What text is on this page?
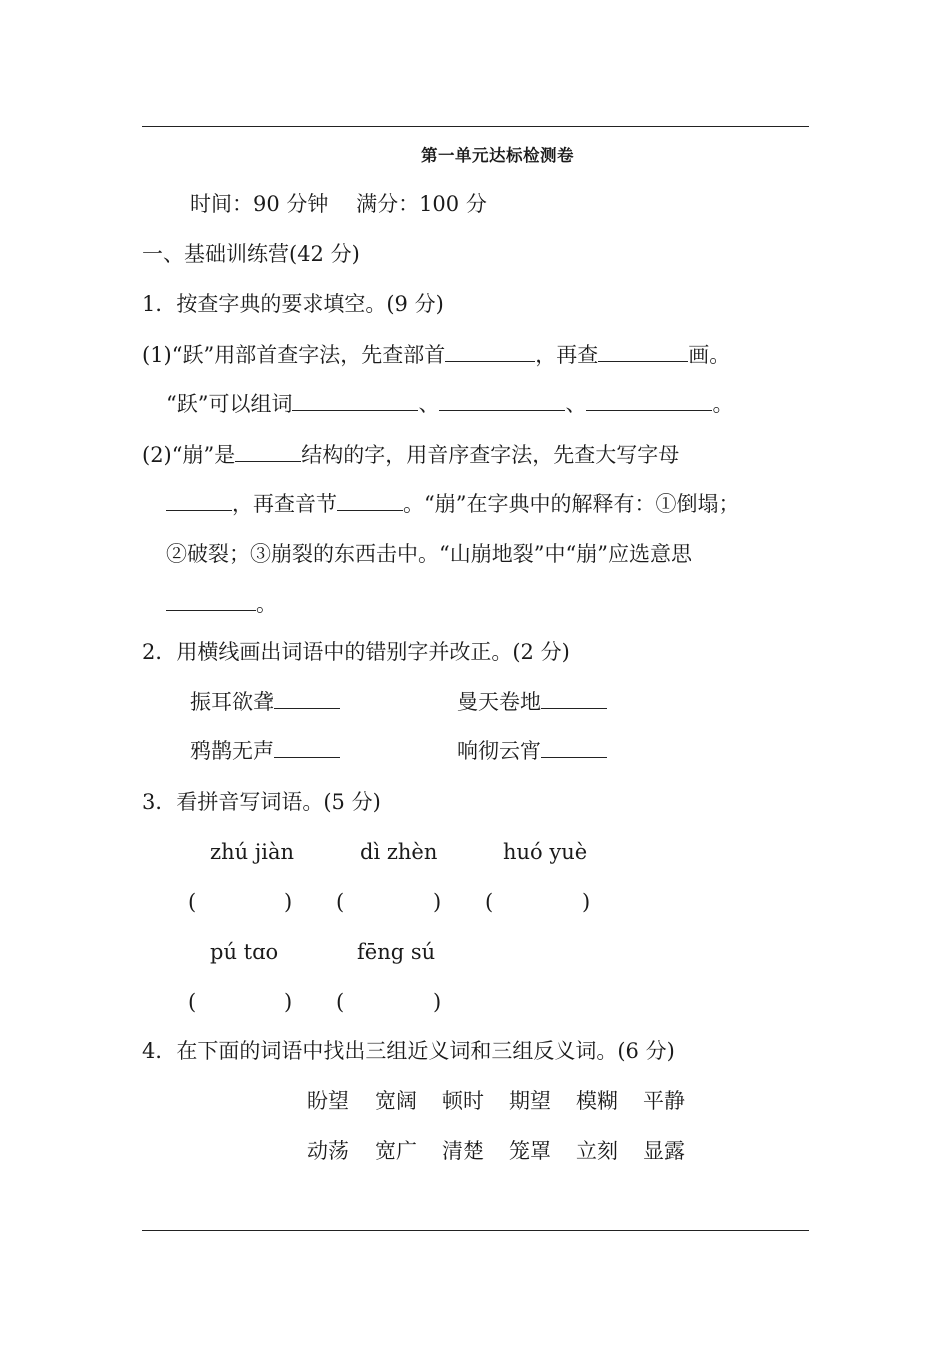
第一单元达标检测卷
时间：90 分钟　 满分：100 分
一、基础训练营(42 分)
1．按查字典的要求填空。(9 分)
(1)“跃”用部首查字法，先查部首	，再查	画。
“跃”可以组词	、	、	。
(2)“崩”是	结构的字，用音序查字法，先查大写字母
，再查音节	。“崩”在字典中的解释有：①倒塌；
②破裂；③崩裂的东西击中。“山崩地裂”中“崩”应选意思
。
2．用横线画出词语中的错别字并改正。(2 分)
振耳欲聋	曼天卷地
鸦鹊无声	响彻云宵
3．看拼音写词语。(5 分)
zhú jiàn	dì zhèn	huó yuè
(	) (	) (	)
pú tɑo	fēng sú
(	) (	)
4．在下面的词语中找出三组近义词和三组反义词。(6 分)
盼望 宽阔 顿时 期望 模糊 平静
动荡 宽广 清楚 笼罩 立刻 显露
